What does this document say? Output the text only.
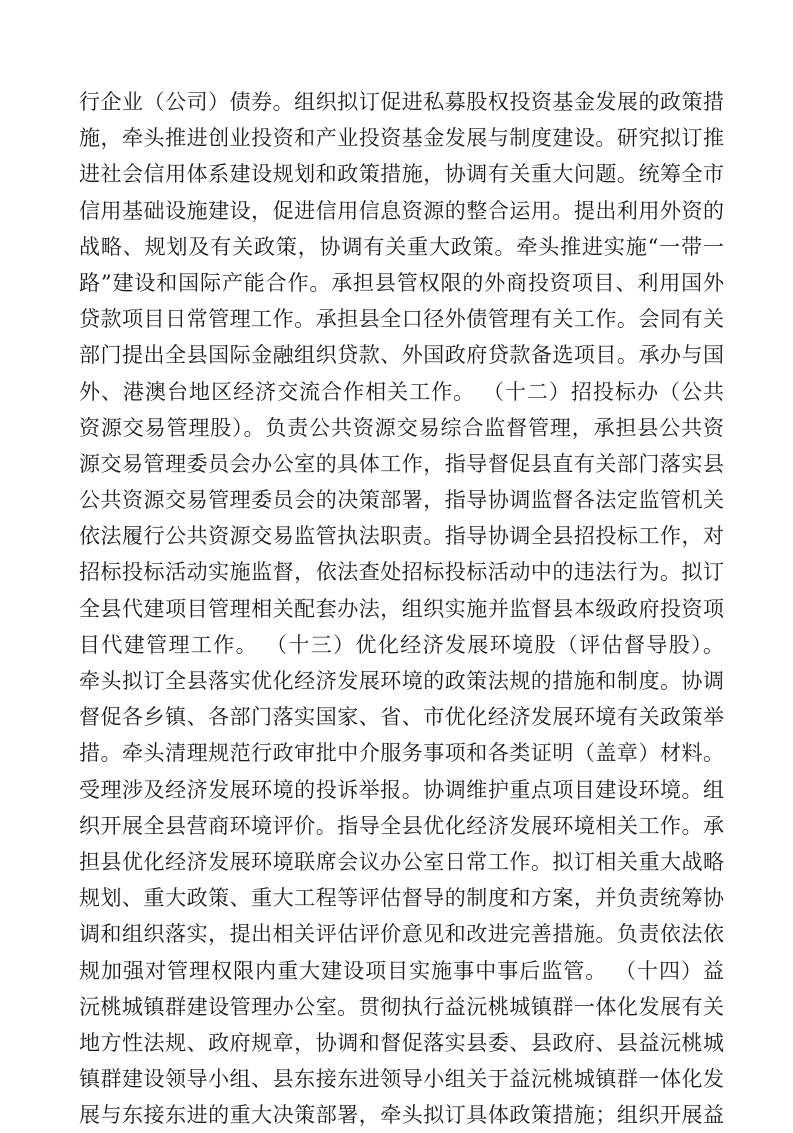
行企业（公司）债券。组织拟订促进私募股权投资基金发展的政策措
施，牵头推进创业投资和产业投资基金发展与制度建设。研究拟订推
进社会信用体系建设规划和政策措施，协调有关重大问题。统筹全市
信用基础设施建设，促进信用信息资源的整合运用。提出利用外资的
战略、规划及有关政策，协调有关重大政策。牵头推进实施“一带一
路”建设和国际产能合作。承担县管权限的外商投资项目、利用国外
贷款项目日常管理工作。承担县全口径外债管理有关工作。会同有关
部门提出全县国际金融组织贷款、外国政府贷款备选项目。承办与国
外、港澳台地区经济交流合作相关工作。 （十二）招投标办（公共
资源交易管理股）。负责公共资源交易综合监督管理，承担县公共资
源交易管理委员会办公室的具体工作，指导督促县直有关部门落实县
公共资源交易管理委员会的决策部署，指导协调监督各法定监管机关
依法履行公共资源交易监管执法职责。指导协调全县招投标工作，对
招标投标活动实施监督，依法查处招标投标活动中的违法行为。拟订
全县代建项目管理相关配套办法，组织实施并监督县本级政府投资项
目代建管理工作。 （十三）优化经济发展环境股（评估督导股）。
牵头拟订全县落实优化经济发展环境的政策法规的措施和制度。协调
督促各乡镇、各部门落实国家、省、市优化经济发展环境有关政策举
措。牵头清理规范行政审批中介服务事项和各类证明（盖章）材料。
受理涉及经济发展环境的投诉举报。协调维护重点项目建设环境。组
织开展全县营商环境评价。指导全县优化经济发展环境相关工作。承
担县优化经济发展环境联席会议办公室日常工作。拟订相关重大战略
规划、重大政策、重大工程等评估督导的制度和方案，并负责统筹协
调和组织落实，提出相关评估评价意见和改进完善措施。负责依法依
规加强对管理权限内重大建设项目实施事中事后监管。 （十四）益
沅桃城镇群建设管理办公室。贯彻执行益沅桃城镇群一体化发展有关
地方性法规、政府规章，协调和督促落实县委、县政府、县益沅桃城
镇群建设领导小组、县东接东进领导小组关于益沅桃城镇群一体化发
展与东接东进的重大决策部署，牵头拟订具体政策措施；组织开展益
